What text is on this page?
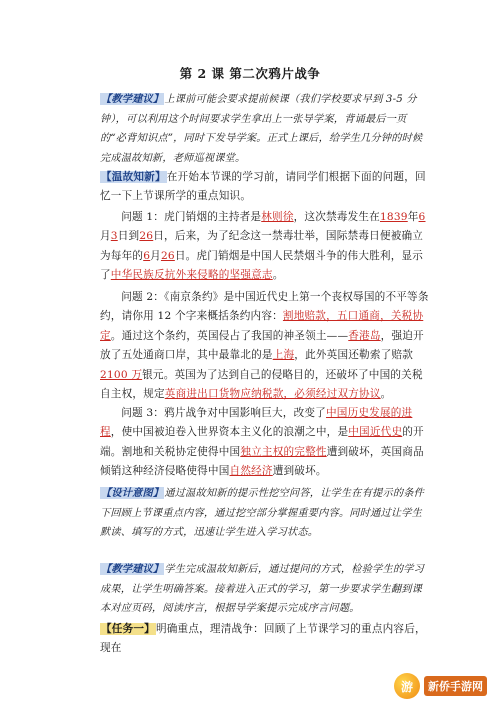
第 2 课 第二次鸦片战争
【教学建议】上课前可能会要求提前候课（我们学校要求早到 3-5 分钟），可以利用这个时间要求学生拿出上一张导学案，背诵最后一页的“必背知识点”，同时下发导学案。正式上课后，给学生几分钟的时候完成温故知新，老师巡视课堂。
【温故知新】在开始本节课的学习前，请同学们根据下面的问题，回忆一下上节课所学的重点知识。
问题 1：虎门销烟的主持者是林则徐，这次禁毒发生在1839年6月3日到26日，后来，为了纪念这一禁毒壮举，国际禁毒日便被确立为每年的6月26日。虎门销烟是中国人民禁烟斗争的伟大胜利，显示了中华民族反抗外来侵略的坚强意志。
问题 2：《南京条约》是中国近代史上第一个丧权辱国的不平等条约，请你用 12 个字来概括条约内容：割地赔款，五口通商，关税协定。通过这个条约，英国侵占了我国的神圣领土——香港岛，强迫开放了五处通商口岸，其中最靠北的是上海，此外英国还勒索了赔款2100 万银元。英国为了达到自己的侵略目的，还破坏了中国的关税自主权，规定英商进出口货物应纳税款，必须经过双方协议。
问题 3：鸦片战争对中国影响巨大，改变了中国历史发展的进程，使中国被迫卷入世界资本主义化的浪潮之中，是中国近代史的开端。割地和关税协定使得中国独立主权的完整性遭到破坏，英国商品倾销这种经济侵略使得中国自然经济遭到破坏。
【设计意图】通过温故知新的提示性挖空问答，让学生在有提示的条件下回顾上节课重点内容，通过挖空部分掌握重要内容。同时通过让学生默读、填写的方式，迅速让学生进入学习状态。
【教学建议】学生完成温故知新后，通过提问的方式，检验学生的学习成果，让学生明确答案。接着进入正式的学习，第一步要求学生翻到课本对应页码，阅读序言，根据导学案提示完成序言问题。
【任务一】明确重点，理清战争：回顾了上节课学习的重点内容后，现在
游	新侨手游网
